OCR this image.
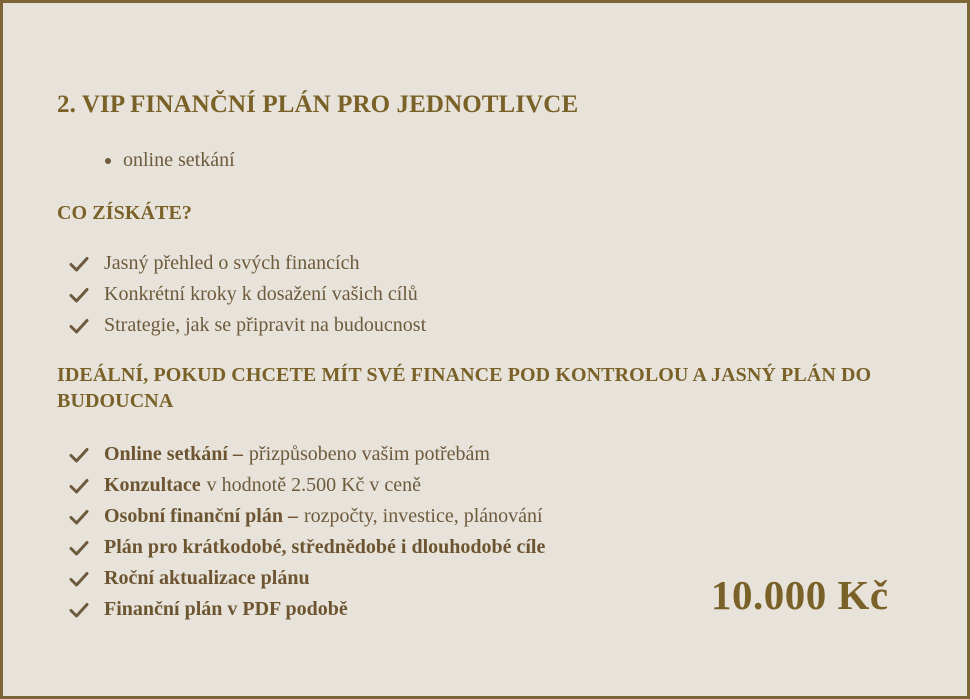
2. VIP FINANČNÍ PLÁN PRO JEDNOTLIVCE
online setkání
CO ZÍSKÁTE?
Jasný přehled o svých financích
Konkrétní kroky k dosažení vašich cílů
Strategie, jak se připravit na budoucnost
IDEÁLNÍ, POKUD CHCETE MÍT SVÉ FINANCE POD KONTROLOU A JASNÝ PLÁN DO BUDOUCNA
Online setkání – přizpůsobeno vašim potřebám
Konzultace v hodnotě 2.500 Kč v ceně
Osobní finanční plán – rozpočty, investice, plánování
Plán pro krátkodobé, střednědobé i dlouhodobé cíle
Roční aktualizace plánu
Finanční plán v PDF podobě	10.000 Kč
